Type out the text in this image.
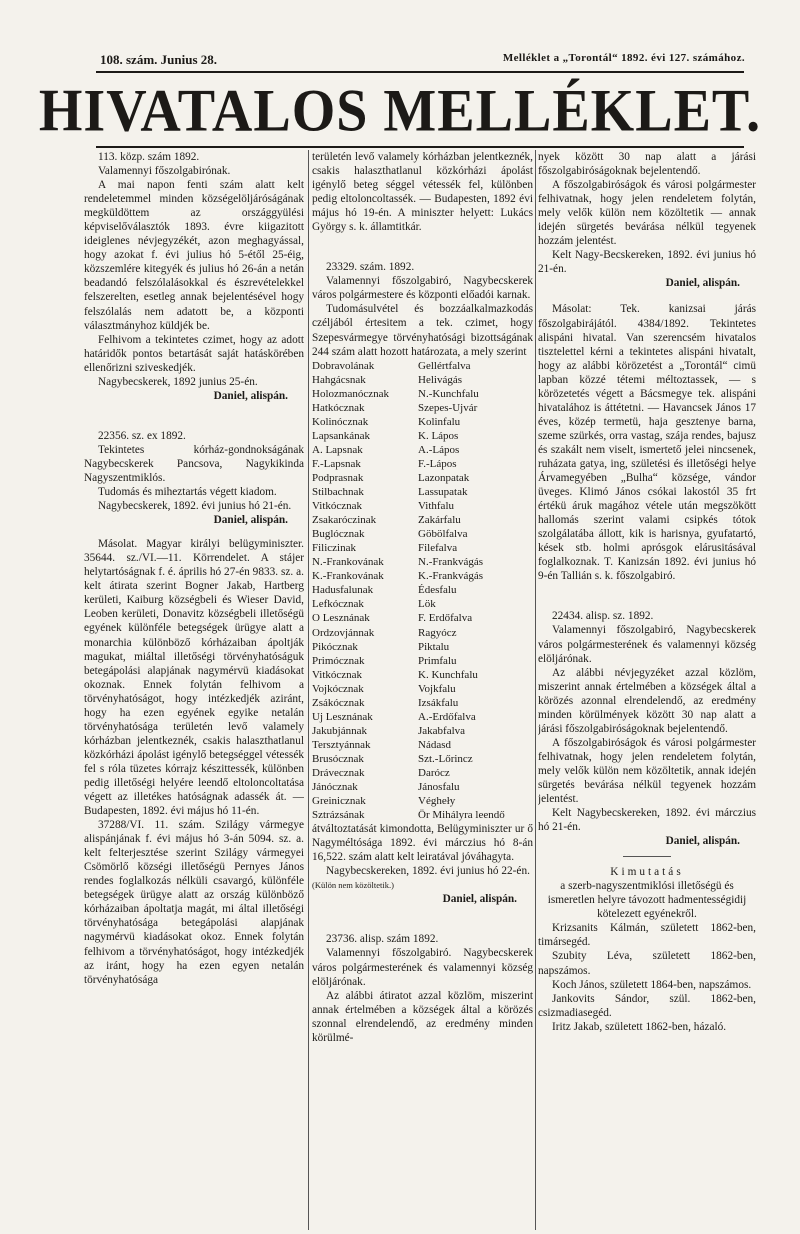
108. szám. Junius 28.	Melléklet a „Torontál“ 1892. évi 127. számához.
HIVATALOS MELLÉKLET.

113. közp. szám 1892.

Valamennyi főszolgabirónak.

A mai napon fenti szám alatt kelt rendeletemmel minden községelöljáróságának megküldöttem az országgyülési képviselőválasztók 1893. évre kiigazitott ideiglenes névjegyzékét, azon meghagyással, hogy azokat f. évi julius hó 5-étől 25-éig, közszemlére kitegyék és julius hó 26-án a netán beadandó felszólalásokkal és észrevételekkel felszerelten, esetleg annak bejelentésével hogy felszólalás nem adatott be, a központi választmányhoz küldjék be.

Felhivom a tekintetes czimet, hogy az adott határidők pontos betartását saját hatáskörében ellenőrizni sziveskedjék.

Nagybecskerek, 1892 junius 25-én.

Daniel, alispán.

22356. sz. ex 1892.

Tekintetes kórház-gondnokságának Nagybecskerek Pancsova, Nagykikinda Nagyszentmiklós.

Tudomás és miheztartás végett kiadom.

Nagybecskerek, 1892. évi junius hó 21-én.

Daniel, alispán.

Másolat. Magyar királyi belügyminiszter. 35644. sz./VI.—11. Körrendelet. A stájer helytartóságnak f. é. április hó 27-én 9833. sz. a. kelt átirata szerint Bogner Jakab, Hartberg kerületi, Kaiburg községbeli és Wieser David, Leoben kerületi, Donavitz községbeli illetőségü egyének különféle betegségek ürügye alatt a monarchia különböző kórházaiban ápoltják magukat, miáltal illetőségi törvényhatóságuk betegápolási alapjának nagymérvü kiadásokat okoznak. Ennek folytán felhivom a törvényhatóságot, hogy intézkedjék aziránt, hogy ha ezen egyének egyike netalán törvényhatósága területén levő valamely kórházban jelentkeznék, csakis halaszthatlanul közkórházi ápolást igénylő betegséggel vétessék fel s róla tüzetes kórrajz készittessék, különben pedig illetőségi helyére leendő eltoloncoltatása végett az illetékes hatóságnak adassék át. — Budapesten, 1892. évi május hó 11-én.

37288/VI. 11. szám. Szilágy vármegye alispánjának f. évi május hó 3-án 5094. sz. a. kelt felterjesztése szerint Szilágy vármegyei Csömörlő községi illetőségü Pernyes János rendes foglalkozás nélküli csavargó, különféle betegségek ürügye alatt az ország különböző kórházaiban ápoltatja magát, mi által illetőségi törvényhatósága betegápolási alapjának nagymérvü kiadásokat okoz. Ennek folytán felhivom a törvényhatóságot, hogy intézkedjék az iránt, hogy ha ezen egyen netalán törvényhatósága

területén levő valamely kórházban jelentkeznék, csakis halaszthatlanul közkórházi ápolást igénylő beteg séggel vétessék fel, különben pedig eltoloncoltassék. — Budapesten, 1892 évi május hó 19-én. A miniszter helyett: Lukács György s. k. államtitkár.

23329. szám. 1892.

Valamennyi főszolgabiró, Nagybecskerek város polgármestere és központi előadói karnak.

Tudomásulvétel és bozzáalkalmazkodás czéljából értesitem a tek. czimet, hogy Szepesvármegye törvényhatósági bizottságának 244 szám alatt hozott határozata, a mely szerint

Dobravolának	Gellértfalva
Hahgácsnak	Helivágás
Holozmanócznak	N.-Kunchfalu
Hatkócznak	Szepes-Ujvár
Kolinócznak	Kolinfalu
Lapsankának	K. Lápos
A. Lapsnak	A.-Lápos
F.-Lapsnak	F.-Lápos
Podprasnak	Lazonpatak
Stilbachnak	Lassupatak
Vitkócznak	Vithfalu
Zsakaróczinak	Zakárfalu
Buglócznak	Göbölfalva
Filiczinak	Filefalva
N.-Frankovának	N.-Frankvágás
K.-Frankovának	K.-Frankvágás
Hadusfalunak	Édesfalu
Lefkócznak	Lök
O Lesznának	F. Erdőfalva
Ordzovjánnak	Ragyócz
Pikócznak	Piktalu
Primócznak	Primfalu
Vitkócznak	K. Kunchfalu
Vojkócznak	Vojkfalu
Zsákócznak	Izsákfalu
Uj Lesznának	A.-Erdőfalva
Jakubjánnak	Jakabfalva
Tersztyánnak	Nádasd
Brusócznak	Szt.-Lőrincz
Drávecznak	Darócz
Jánócznak	Jánosfalu
Greinicznak	Végheły
Sztrázsának	Ör Mihályra leendő

átváltoztatását kimondotta, Belügyminiszter ur ő Nagyméltósága 1892. évi márczius hó 8-án 16,522. szám alatt kelt leiratával jóváhagyta.

Nagybecskereken, 1892. évi junius hó 22-én.

(Külön nem közöltetik.)

Daniel, alispán.

23736. alisp. szám 1892.

Valamennyi főszolgabiró. Nagybecskerek város polgármesterének és valamennyi község elöljárónak.

Az alábbi átiratot azzal közlöm, miszerint annak értelmében a községek által a körözés szonnal elrendelendő, az eredmény minden körülmé-

nyek között 30 nap alatt a járási főszolgabiróságoknak bejelentendő.

A főszolgabiróságok és városi polgármester felhivatnak, hogy jelen rendeletem folytán, mely velők külön nem közöltetik — annak idején sürgetés bevárása nélkül tegyenek hozzám jelentést.

Kelt Nagy-Becskereken, 1892. évi junius hó 21-én.

Daniel, alispán.

Másolat: Tek. kanizsai járás főszolgabirájától. 4384/1892. Tekintetes alispáni hivatal. Van szerencsém hivatalos tisztelettel kérni a tekintetes alispáni hivatalt, hogy az alábbi körözetést a „Torontál“ cimü lapban közzé tétemi méltoztassek, — s körözetetés végett a Bácsmegye tek. alispáni hivatalához is áttétetni. — Havancsek János 17 éves, közép termetü, haja gesztenye barna, szeme szürkés, orra vastag, szája rendes, bajusz és szakált nem viselt, ismertető jelei nincsenek, ruházata gatya, ing, születési és illetőségi helye Árvamegyében „Bulha“ községe, vándor üveges. Klimó János csókai lakostól 35 frt értékü áruk magához vétele után megszökött hallomás szerint valami csipkés tótok szolgálatába állott, kik is harisnya, gyufatartó, kések stb. holmi aprósgok elárusitásával foglalkoznak. T. Kanizsán 1892. évi junius hó 9-én Tallián s. k. főszolgabiró.

22434. alisp. sz. 1892.

Valamennyi főszolgabiró, Nagybecskerek város polgármesterének és valamennyi község elöljárónak.

Az alábbi névjegyzéket azzal közlöm, miszerint annak értelmében a községek által a körözés azonnal elrendelendő, az eredmény minden körülmények között 30 nap alatt a járási főszolgabiróságoknak bejelentendő.

A főszolgabiróságok és városi polgármester felhivatnak, hogy jelen rendeletem folytán, mely velők külön nem közöltetik, annak idején sürgetés bevárása nélkül tegyenek hozzám jelentést.

Kelt Nagybecskereken, 1892. évi márczius hó 21-én.

Daniel, alispán.

Kimutatás

a szerb-nagyszentmiklósi illetőségü és ismeretlen helyre távozott hadmentességidij kötelezett egyénekről.

Krizsanits Kálmán, született 1862-ben, timársegéd.

Szubity Léva, született 1862-ben, napszámos.

Koch János, született 1864-ben, napszámos.

Jankovits Sándor, szül. 1862-ben, csizmadiasegéd.

Iritz Jakab, született 1862-ben, házaló.
